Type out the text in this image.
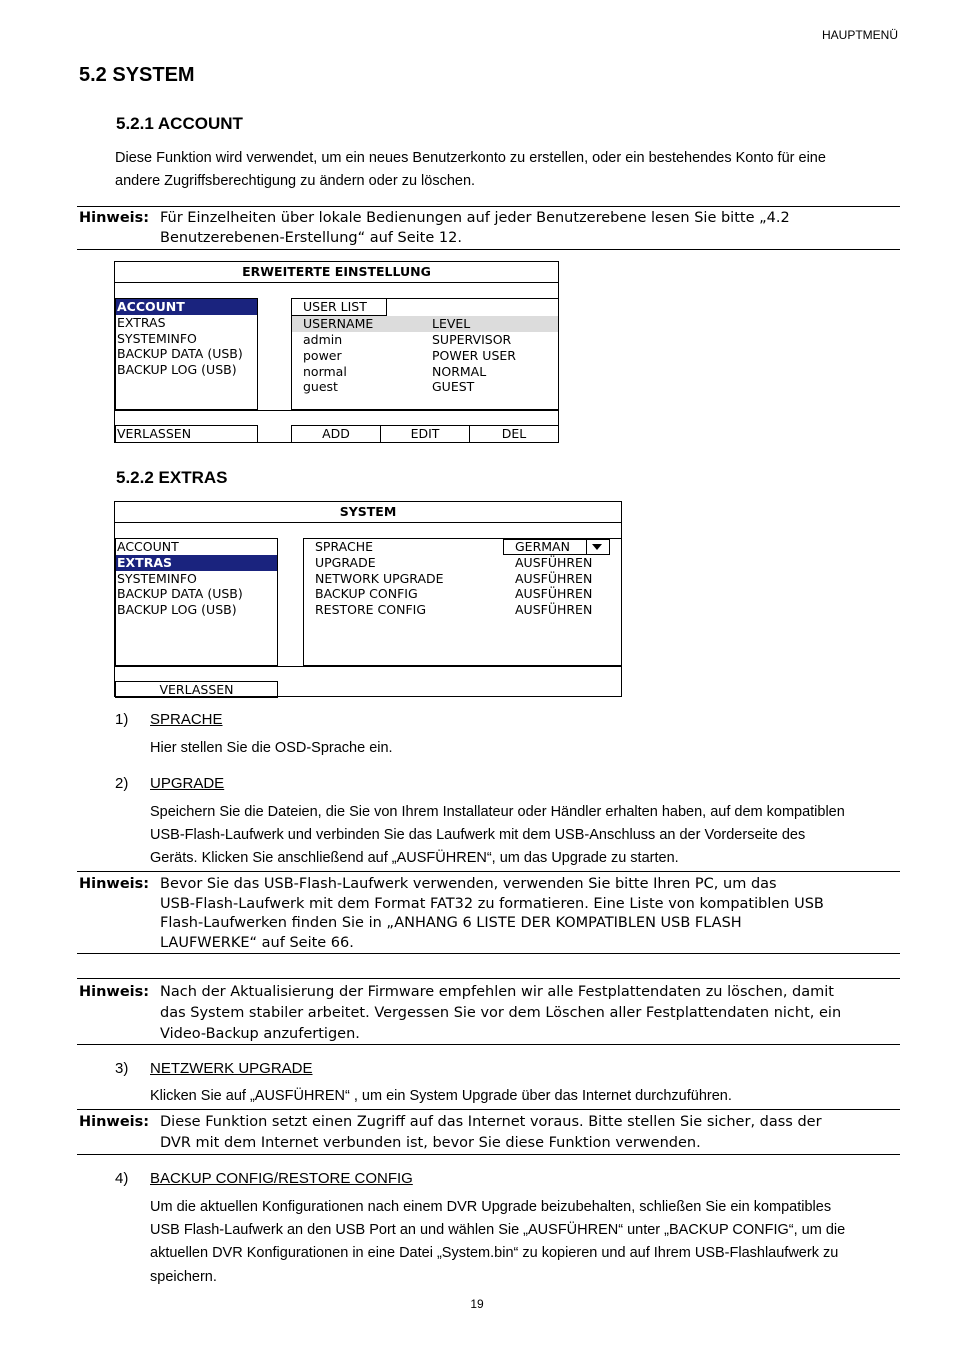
HAUPTMENÜ
5.2 SYSTEM
5.2.1 ACCOUNT
Diese Funktion wird verwendet, um ein neues Benutzerkonto zu erstellen, oder ein bestehendes Konto für eine
andere Zugriffsberechtigung zu ändern oder zu löschen.
Hinweis: Für Einzelheiten über lokale Bedienungen auf jeder Benutzerebene lesen Sie bitte „4.2
Benutzerebenen-Erstellung“ auf Seite 12.
ERWEITERTE EINSTELLUNG
ACCOUNT
EXTRAS
SYSTEMINFO
BACKUP DATA (USB)
BACKUP LOG (USB)
USER LIST
USERNAME	LEVEL
admin	SUPERVISOR
power	POWER USER
normal	NORMAL
guest	GUEST
VERLASSEN	ADD	EDIT	DEL
5.2.2 EXTRAS
SYSTEM
ACCOUNT
EXTRAS
SYSTEMINFO
BACKUP DATA (USB)
BACKUP LOG (USB)
SPRACHE	GERMAN
UPGRADE	AUSFÜHREN
NETWORK UPGRADE	AUSFÜHREN
BACKUP CONFIG	AUSFÜHREN
RESTORE CONFIG	AUSFÜHREN
VERLASSEN
1) SPRACHE
Hier stellen Sie die OSD-Sprache ein.
2) UPGRADE
Speichern Sie die Dateien, die Sie von Ihrem Installateur oder Händler erhalten haben, auf dem kompatiblen
USB-Flash-Laufwerk und verbinden Sie das Laufwerk mit dem USB-Anschluss an der Vorderseite des
Geräts. Klicken Sie anschließend auf „AUSFÜHREN“, um das Upgrade zu starten.
Hinweis: Bevor Sie das USB-Flash-Laufwerk verwenden, verwenden Sie bitte Ihren PC, um das
USB-Flash-Laufwerk mit dem Format FAT32 zu formatieren. Eine Liste von kompatiblen USB
Flash-Laufwerken finden Sie in „ANHANG 6 LISTE DER KOMPATIBLEN USB FLASH
LAUFWERKE“ auf Seite 66.
Hinweis: Nach der Aktualisierung der Firmware empfehlen wir alle Festplattendaten zu löschen, damit
das System stabiler arbeitet. Vergessen Sie vor dem Löschen aller Festplattendaten nicht, ein
Video-Backup anzufertigen.
3) NETZWERK UPGRADE
Klicken Sie auf „AUSFÜHREN“ , um ein System Upgrade über das Internet durchzuführen.
Hinweis: Diese Funktion setzt einen Zugriff auf das Internet voraus. Bitte stellen Sie sicher, dass der
DVR mit dem Internet verbunden ist, bevor Sie diese Funktion verwenden.
4) BACKUP CONFIG/RESTORE CONFIG
Um die aktuellen Konfigurationen nach einem DVR Upgrade beizubehalten, schließen Sie ein kompatibles
USB Flash-Laufwerk an den USB Port an und wählen Sie „AUSFÜHREN“ unter „BACKUP CONFIG“, um die
aktuellen DVR Konfigurationen in eine Datei „System.bin“ zu kopieren und auf Ihrem USB-Flashlaufwerk zu
speichern.
19
